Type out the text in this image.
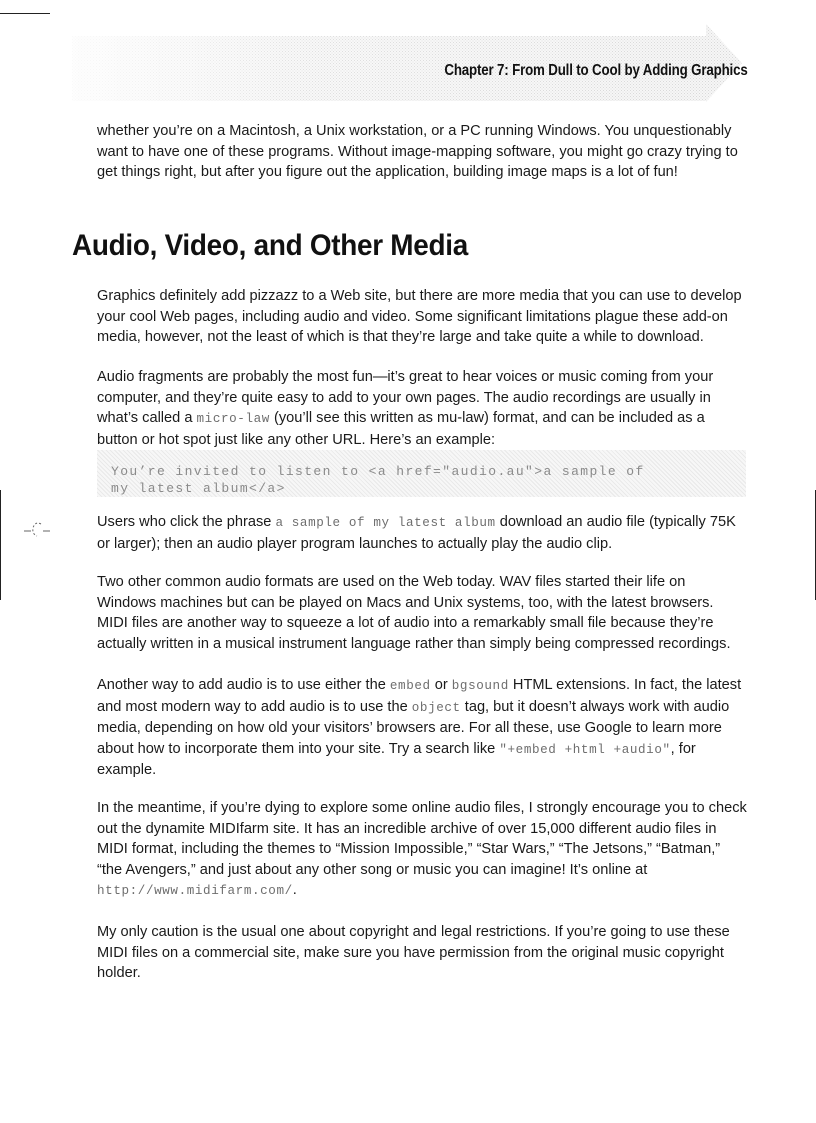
Chapter 7: From Dull to Cool by Adding Graphics

whether you’re on a Macintosh, a Unix workstation, or a PC running Windows. You unquestionably want to have one of these programs. Without image-mapping software, you might go crazy trying to get things right, but after you figure out the application, building image maps is a lot of fun!

Audio, Video, and Other Media

Graphics definitely add pizzazz to a Web site, but there are more media that you can use to develop your cool Web pages, including audio and video. Some significant limitations plague these add-on media, however, not the least of which is that they’re large and take quite a while to download.

Audio fragments are probably the most fun—it’s great to hear voices or music coming from your computer, and they’re quite easy to add to your own pages. The audio recordings are usually in what’s called a micro-law (you’ll see this written as mu-law) format, and can be included as a button or hot spot just like any other URL. Here’s an example:

You’re invited to listen to <a href="audio.au">a sample of
my latest album</a>

Users who click the phrase a sample of my latest album download an audio file (typically 75K or larger); then an audio player program launches to actually play the audio clip.

Two other common audio formats are used on the Web today. WAV files started their life on Windows machines but can be played on Macs and Unix systems, too, with the latest browsers. MIDI files are another way to squeeze a lot of audio into a remarkably small file because they’re actually written in a musical instrument language rather than simply being compressed recordings.

Another way to add audio is to use either the embed or bgsound HTML extensions. In fact, the latest and most modern way to add audio is to use the object tag, but it doesn’t always work with audio media, depending on how old your visitors’ browsers are. For all these, use Google to learn more about how to incorporate them into your site. Try a search like "+embed +html +audio", for example.

In the meantime, if you’re dying to explore some online audio files, I strongly encourage you to check out the dynamite MIDIfarm site. It has an incredible archive of over 15,000 different audio files in MIDI format, including the themes to “Mission Impossible,” “Star Wars,” “The Jetsons,” “Batman,” “the Avengers,” and just about any other song or music you can imagine! It’s online at http://www.midifarm.com/.

My only caution is the usual one about copyright and legal restrictions. If you’re going to use these MIDI files on a commercial site, make sure you have permission from the original music copyright holder.
